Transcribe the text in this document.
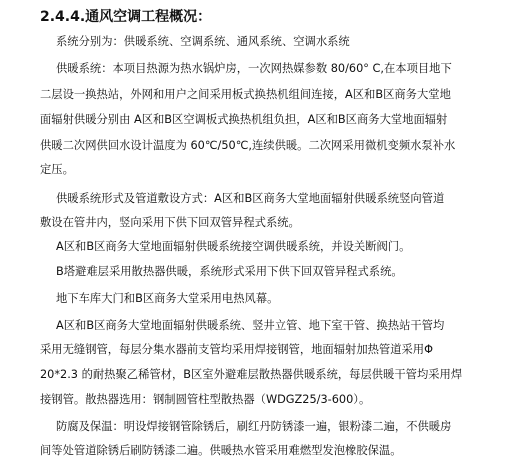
2.4.4.通风空调工程概况：
系统分别为：供暖系统、空调系统、通风系统、空调水系统
供暖系统：本项目热源为热水锅炉房，一次网热媒参数 80/60° C,在本项目地下
二层设一换热站，外网和用户之间采用板式换热机组间连接，A区和B区商务大堂地
面辐射供暖分别由 A区和B区空调板式换热机组负担，A区和B区商务大堂地面辐射
供暖二次网供回水设计温度为 60℃/50℃,连续供暖。二次网采用微机变频水泵补水
定压。
供暖系统形式及管道敷设方式：A区和B区商务大堂地面辐射供暖系统竖向管道
敷设在管井内，竖向采用下供下回双管异程式系统。
A区和B区商务大堂地面辐射供暖系统接空调供暖系统，并设关断阀门。
B塔避难层采用散热器供暖，系统形式采用下供下回双管异程式系统。
地下车库大门和B区商务大堂采用电热风幕。
A区和B区商务大堂地面辐射供暖系统、竖井立管、地下室干管、换热站干管均
采用无缝钢管，每层分集水器前支管均采用焊接钢管，地面辐射加热管道采用Φ
20*2.3 的耐热聚乙稀管材，B区室外避难层散热器供暖系统，每层供暖干管均采用焊
接钢管。散热器选用：钢制圆管柱型散热器（WDGZ25/3-600）。
防腐及保温：明设焊接钢管除锈后，刷红丹防锈漆一遍，银粉漆二遍，不供暖房
间等处管道除锈后刷防锈漆二遍。供暖热水管采用难燃型发泡橡胶保温。
